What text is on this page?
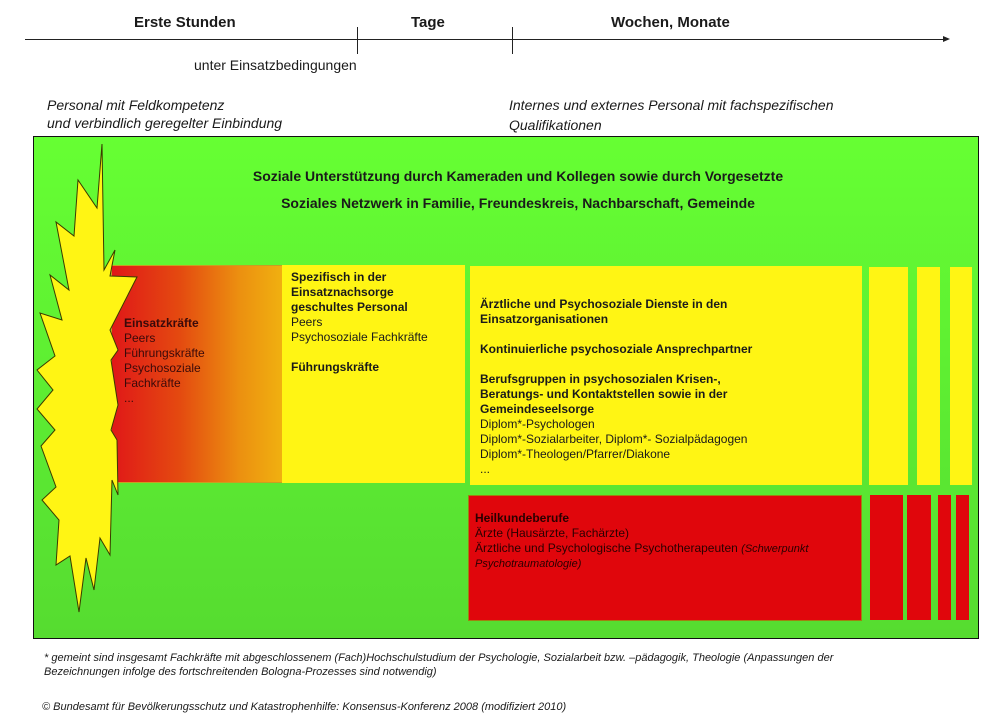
Erste Stunden	Tage	Wochen, Monate
unter Einsatzbedingungen
Personal mit Feldkompetenz
und verbindlich geregelter Einbindung
Internes und externes Personal mit fachspezifischen
Qualifikationen
Soziale Unterstützung durch Kameraden und Kollegen sowie durch Vorgesetzte
Soziales Netzwerk in Familie, Freundeskreis, Nachbarschaft, Gemeinde
Einsatzkräfte
Peers
Führungskräfte
Psychosoziale
Fachkräfte
...
Spezifisch in der
Einsatznachsorge
geschultes Personal
Peers
Psychosoziale Fachkräfte
Führungskräfte
Ärztliche und Psychosoziale Dienste in den
Einsatzorganisationen
Kontinuierliche psychosoziale Ansprechpartner
Berufsgruppen in psychosozialen Krisen-,
Beratungs- und Kontaktstellen sowie in der
Gemeindeseelsorge
Diplom*-Psychologen
Diplom*-Sozialarbeiter, Diplom*- Sozialpädagogen
Diplom*-Theologen/Pfarrer/Diakone
...
Heilkundeberufe
Ärzte (Hausärzte, Fachärzte)
Ärztliche und Psychologische Psychotherapeuten (Schwerpunkt
Psychotraumatologie)
* gemeint sind insgesamt Fachkräfte mit abgeschlossenem (Fach)Hochschulstudium der Psychologie, Sozialarbeit bzw. –pädagogik, Theologie (Anpassungen der
Bezeichnungen infolge des fortschreitenden Bologna-Prozesses sind notwendig)
© Bundesamt für Bevölkerungsschutz und Katastrophenhilfe: Konsensus-Konferenz 2008 (modifiziert 2010)
